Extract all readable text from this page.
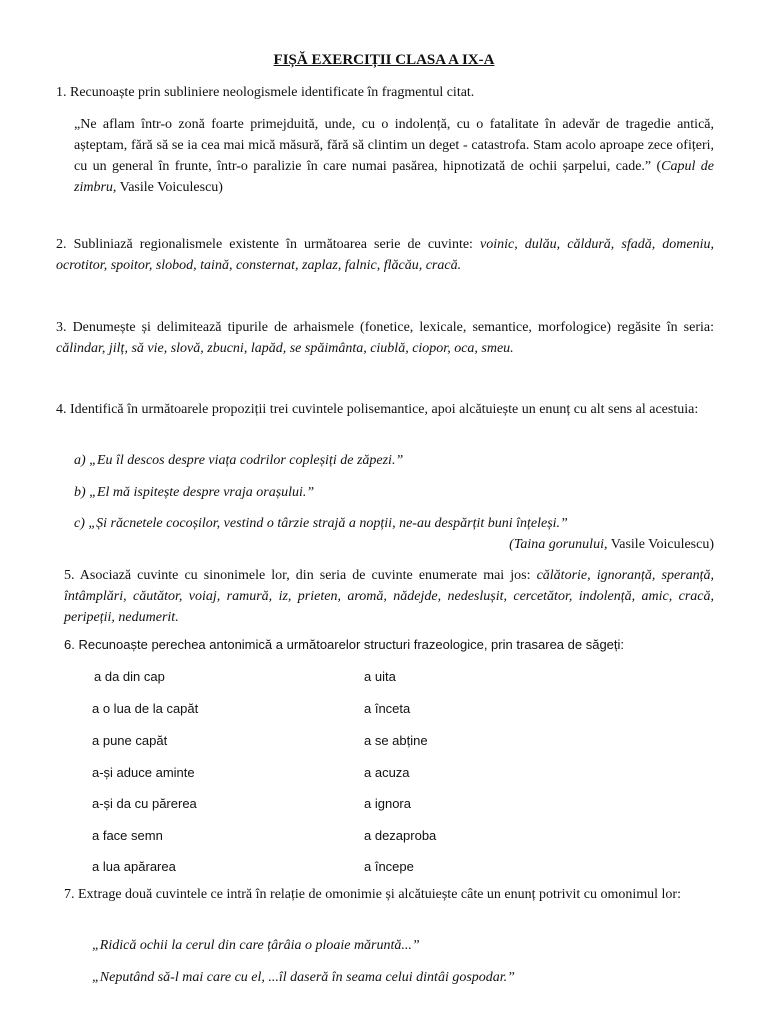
FIȘĂ EXERCIȚII CLASA A IX-A
1. Recunoaște prin subliniere neologismele identificate în fragmentul citat.
„Ne aflam într-o zonă foarte primejduită, unde, cu o indolență, cu o fatalitate în adevăr de tragedie antică, așteptam, fără să se ia cea mai mică măsură, fără să clintim un deget - catastrofa. Stam acolo aproape zece ofițeri, cu un general în frunte, într-o paralizie în care numai pasărea, hipnotizată de ochii șarpelui, cade.” (Capul de zimbru, Vasile Voiculescu)
2. Subliniază regionalismele existente în următoarea serie de cuvinte: voinic, dulău, căldură, sfadă, domeniu, ocrotitor, spoitor, slobod, taină, consternat, zaplaz, falnic, flăcău, cracă.
3. Denumește și delimitează tipurile de arhaismele (fonetice, lexicale, semantice, morfologice) regăsite în seria: călindar, jilț, să vie, slovă, zbucni, lapăd, se spăimânta, ciublă, ciopor, oca, smeu.
4. Identifică în următoarele propoziții trei cuvintele polisemantice, apoi alcătuiește un enunț cu alt sens al acestuia:
a) „Eu îl descos despre viața codrilor copleșiți de zăpezi.”
b) „El mă ispitește despre vraja orașului.”
c) „Și răcnetele cocoșilor, vestind o târzie strajă a nopții, ne-au despărțit buni înțeleși.”
(Taina gorunului, Vasile Voiculescu)
5. Asociază cuvinte cu sinonimele lor, din seria de cuvinte enumerate mai jos: călătorie, ignoranță, speranță, întâmplări, căutător, voiaj, ramură, iz, prieten, aromă, nădejde, nedeslușit, cercetător, indolență, amic, cracă, peripeții, nedumerit.
6. Recunoaște perechea antonimică a următoarelor structuri frazeologice, prin trasarea de săgeți:
a da din cap
a o lua de la capăt
a pune capăt
a-și aduce aminte
a-și da cu părerea
a face semn
a lua apărarea
a uita
a înceta
a se abține
a acuza
a ignora
a dezaproba
a începe
7. Extrage două cuvintele ce intră în relație de omonimie și alcătuiește câte un enunț potrivit cu omonimul lor:
„Ridică ochii la cerul din care țârâia o ploaie măruntă...”
„Neputând să-l mai care cu el, ...îl daseră în seama celui dintâi gospodar.”
